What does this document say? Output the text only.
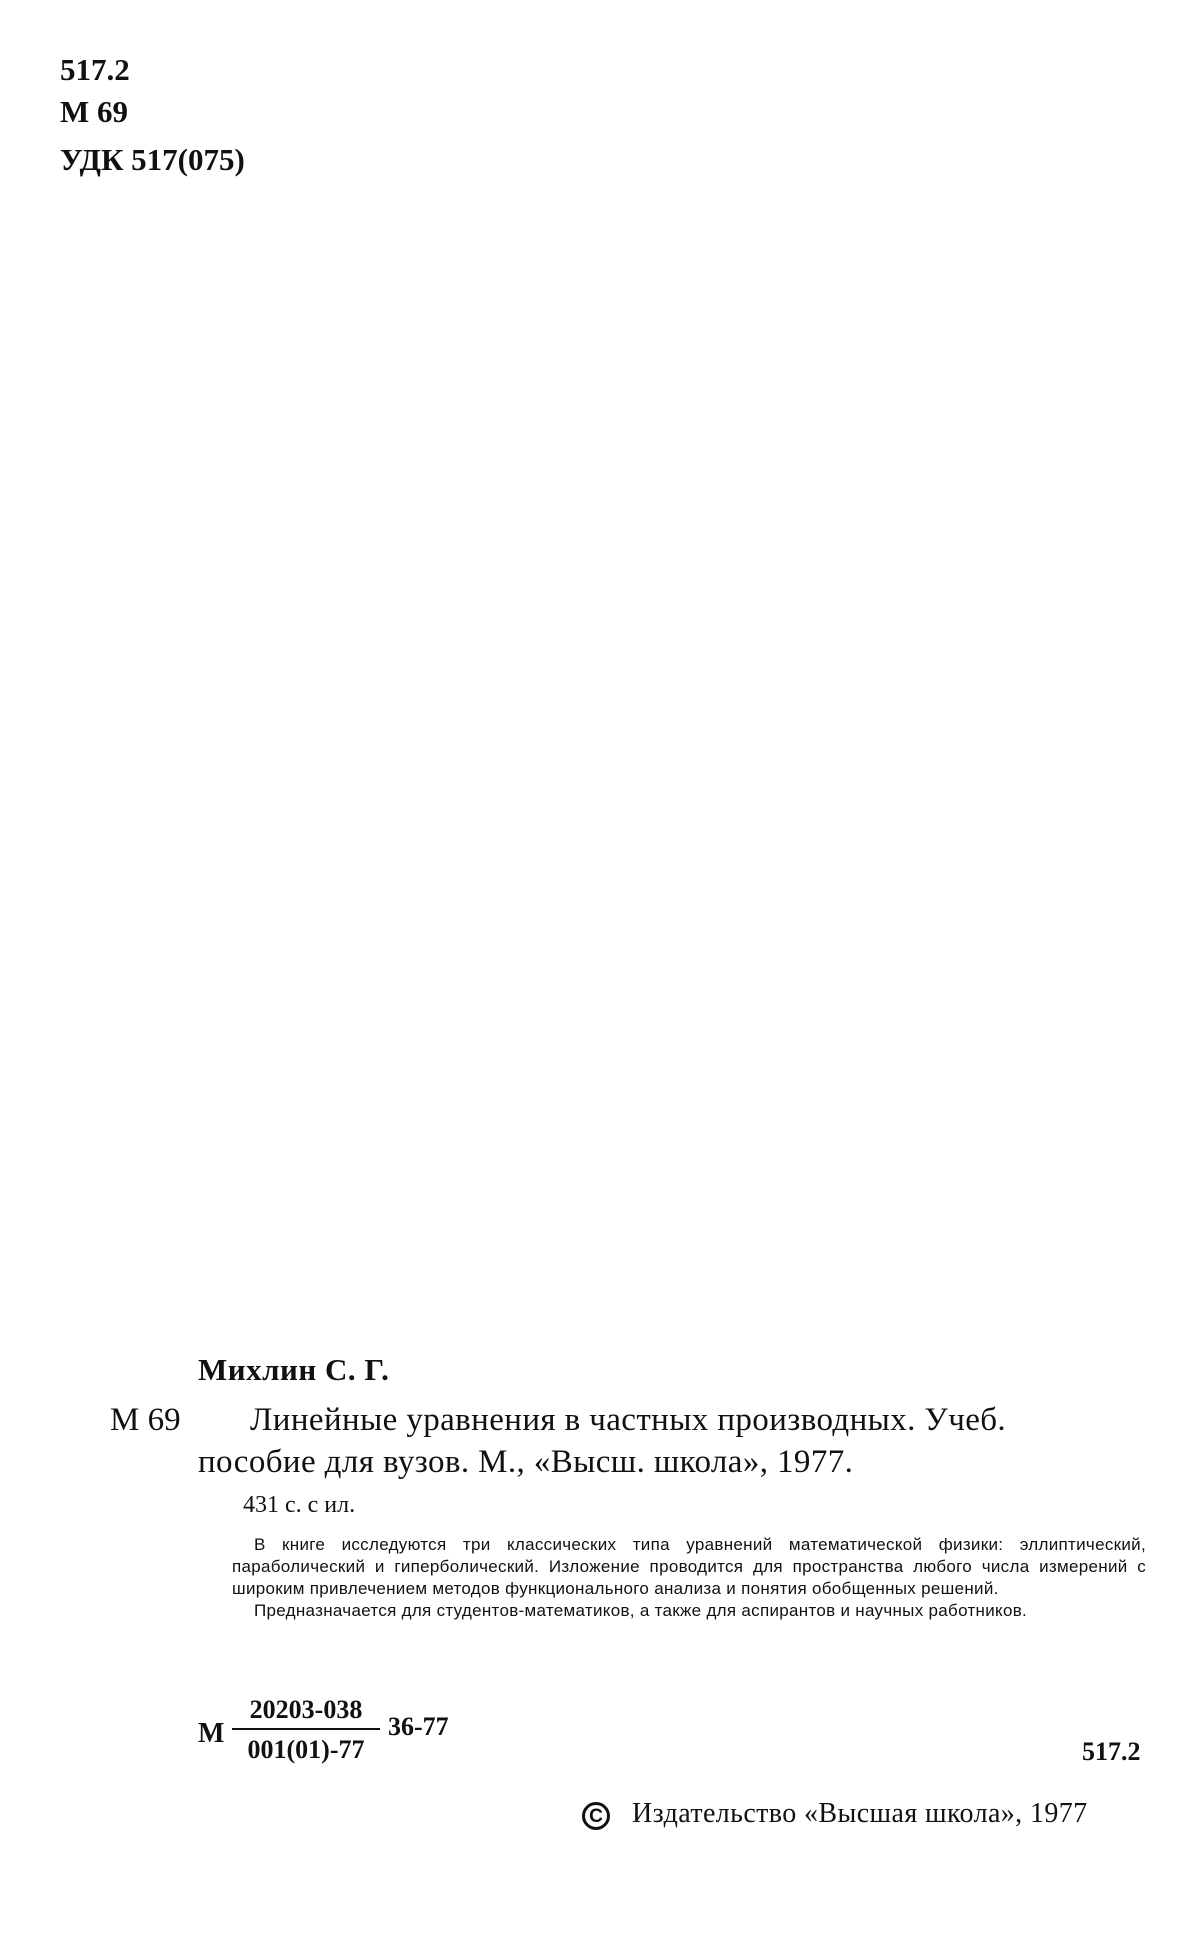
517.2
М 69
УДК 517(075)
Михлин С. Г.
М 69 Линейные уравнения в частных производных. Учеб.
пособие для вузов. М., «Высш. школа», 1977.
431 с. с ил.

В книге исследуются три классических типа уравнений математической физики: эллиптический, параболический и гиперболический. Изложение проводится для пространства любого числа измерений с широким привлечением методов функционального анализа и понятия обобщенных решений.

Предназначается для студентов-математиков, а также для аспирантов и научных работников.

М
20203-038
001(01)-77
36-77
517.2
C Издательство «Высшая школа», 1977
